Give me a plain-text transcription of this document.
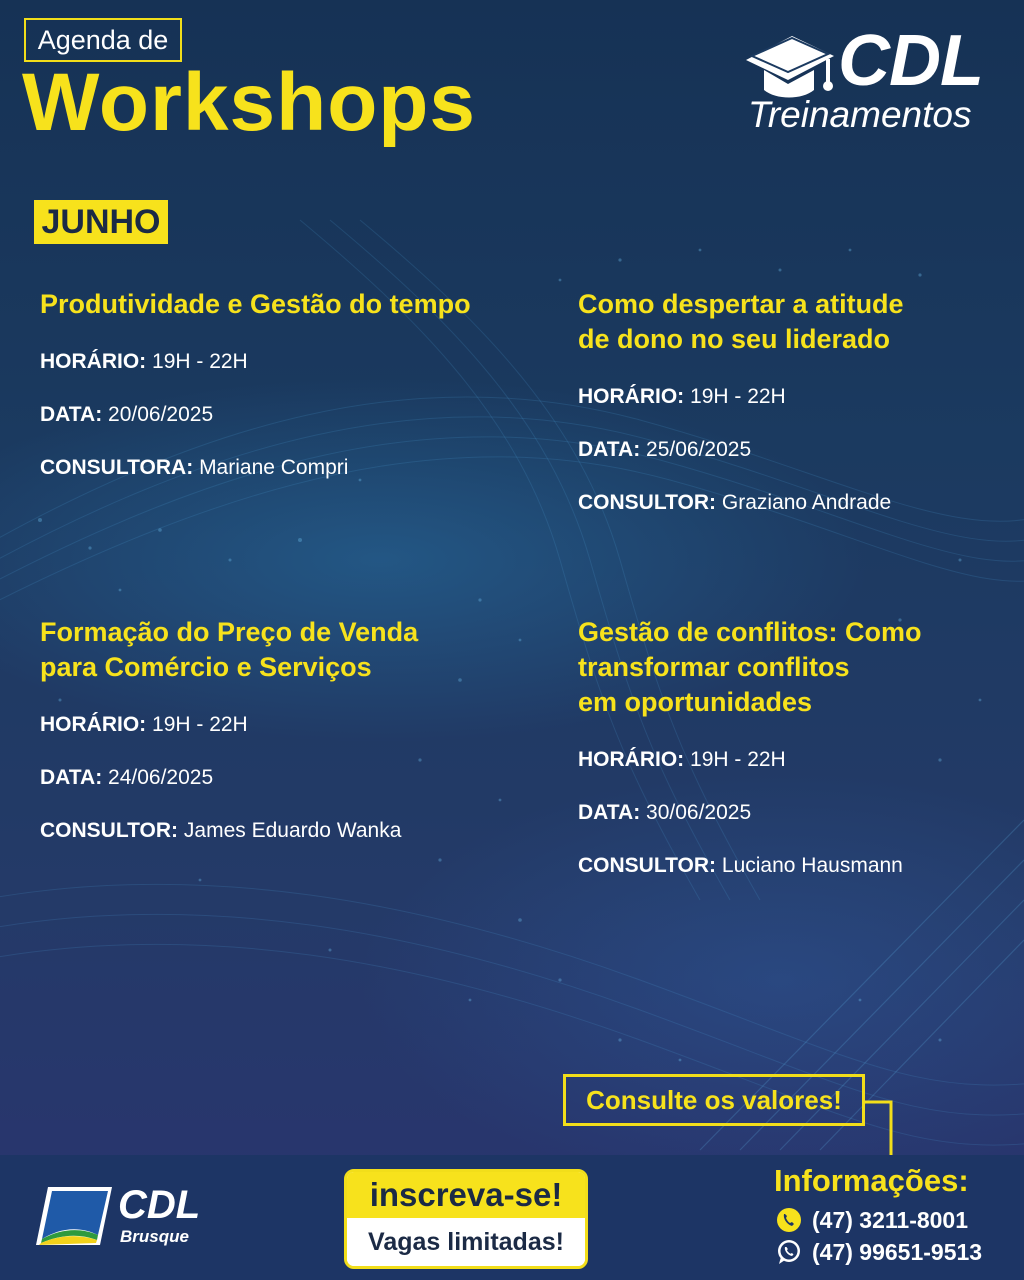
Agenda de
Workshops	CDL
Treinamentos
JUNHO
Produtividade e Gestão do tempo
HORÁRIO: 19H - 22H
DATA: 20/06/2025
CONSULTORA: Mariane Compri
Como despertar a atitude
de dono no seu liderado
HORÁRIO: 19H - 22H
DATA: 25/06/2025
CONSULTOR: Graziano Andrade
Formação do Preço de Venda
para Comércio e Serviços
HORÁRIO: 19H - 22H
DATA: 24/06/2025
CONSULTOR: James Eduardo Wanka
Gestão de conflitos: Como
transformar conflitos
em oportunidades
HORÁRIO: 19H - 22H
DATA: 30/06/2025
CONSULTOR: Luciano Hausmann
Consulte os valores!
CDL
Brusque
inscreva-se!
Vagas limitadas!
Informações:
(47) 3211-8001
(47) 99651-9513
